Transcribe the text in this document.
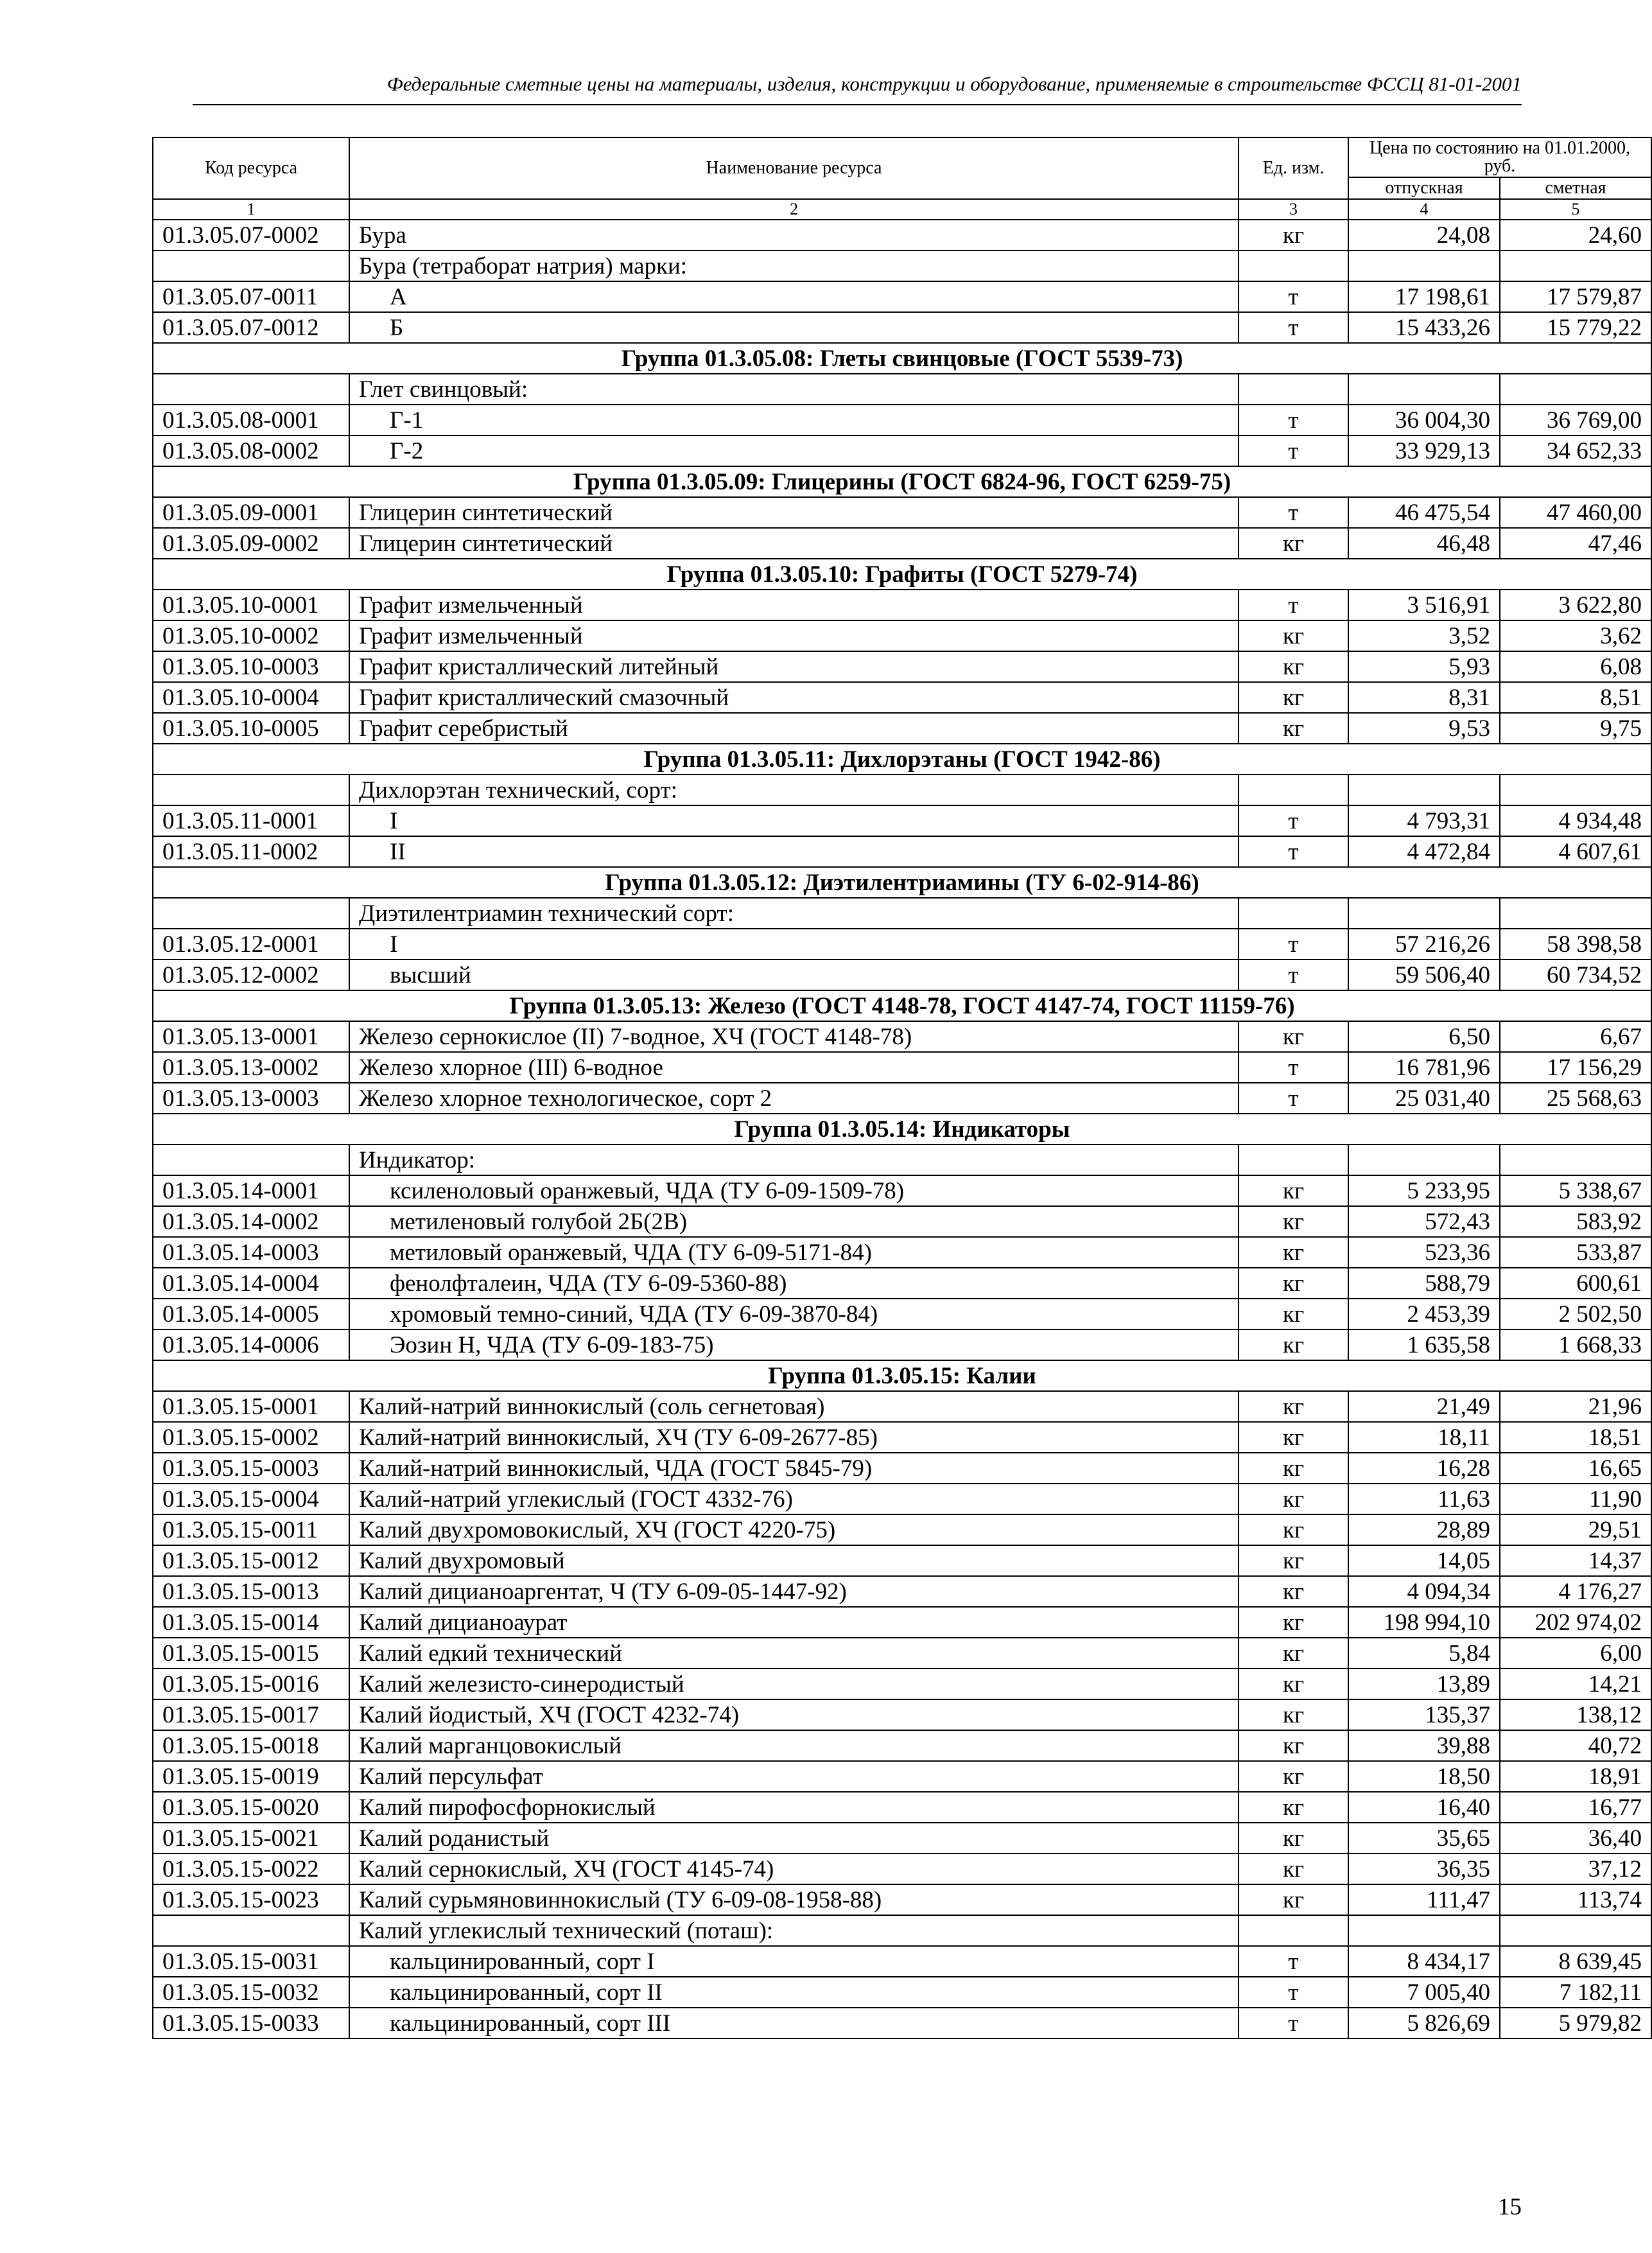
Федеральные сметные цены на материалы, изделия, конструкции и оборудование, применяемые в строительстве ФССЦ 81-01-2001
Код ресурса	Наименование ресурса	Ед. изм.	Цена по состоянию на 01.01.2000, руб.	
			отпускная	сметная
1	2	3	4	5
01.3.05.07-0002	Бура	кг	24,08	24,60
	Бура (тетраборат натрия) марки:			
01.3.05.07-0011	А	т	17 198,61	17 579,87
01.3.05.07-0012	Б	т	15 433,26	15 779,22
Группа 01.3.05.08: Глеты свинцовые (ГОСТ 5539-73)				
	Глет свинцовый:			
01.3.05.08-0001	Г-1	т	36 004,30	36 769,00
01.3.05.08-0002	Г-2	т	33 929,13	34 652,33
Группа 01.3.05.09: Глицерины (ГОСТ 6824-96, ГОСТ 6259-75)				
01.3.05.09-0001	Глицерин синтетический	т	46 475,54	47 460,00
01.3.05.09-0002	Глицерин синтетический	кг	46,48	47,46
Группа 01.3.05.10: Графиты (ГОСТ 5279-74)				
01.3.05.10-0001	Графит измельченный	т	3 516,91	3 622,80
01.3.05.10-0002	Графит измельченный	кг	3,52	3,62
01.3.05.10-0003	Графит кристаллический литейный	кг	5,93	6,08
01.3.05.10-0004	Графит кристаллический смазочный	кг	8,31	8,51
01.3.05.10-0005	Графит серебристый	кг	9,53	9,75
Группа 01.3.05.11: Дихлорэтаны (ГОСТ 1942-86)				
	Дихлорэтан технический, сорт:			
01.3.05.11-0001	I	т	4 793,31	4 934,48
01.3.05.11-0002	II	т	4 472,84	4 607,61
Группа 01.3.05.12: Диэтилентриамины (ТУ 6-02-914-86)				
	Диэтилентриамин технический сорт:			
01.3.05.12-0001	I	т	57 216,26	58 398,58
01.3.05.12-0002	высший	т	59 506,40	60 734,52
Группа 01.3.05.13: Железо (ГОСТ 4148-78, ГОСТ 4147-74, ГОСТ 11159-76)				
01.3.05.13-0001	Железо сернокислое (II) 7-водное, ХЧ (ГОСТ 4148-78)	кг	6,50	6,67
01.3.05.13-0002	Железо хлорное (III) 6-водное	т	16 781,96	17 156,29
01.3.05.13-0003	Железо хлорное технологическое, сорт 2	т	25 031,40	25 568,63
Группа 01.3.05.14: Индикаторы				
	Индикатор:			
01.3.05.14-0001	ксиленоловый оранжевый, ЧДА (ТУ 6-09-1509-78)	кг	5 233,95	5 338,67
01.3.05.14-0002	метиленовый голубой 2Б(2В)	кг	572,43	583,92
01.3.05.14-0003	метиловый оранжевый, ЧДА (ТУ 6-09-5171-84)	кг	523,36	533,87
01.3.05.14-0004	фенолфталеин, ЧДА (ТУ 6-09-5360-88)	кг	588,79	600,61
01.3.05.14-0005	хромовый темно-синий, ЧДА (ТУ 6-09-3870-84)	кг	2 453,39	2 502,50
01.3.05.14-0006	Эозин Н, ЧДА (ТУ 6-09-183-75)	кг	1 635,58	1 668,33
Группа 01.3.05.15: Калии				
01.3.05.15-0001	Калий-натрий виннокислый (соль сегнетовая)	кг	21,49	21,96
01.3.05.15-0002	Калий-натрий виннокислый, ХЧ (ТУ 6-09-2677-85)	кг	18,11	18,51
01.3.05.15-0003	Калий-натрий виннокислый, ЧДА (ГОСТ 5845-79)	кг	16,28	16,65
01.3.05.15-0004	Калий-натрий углекислый (ГОСТ 4332-76)	кг	11,63	11,90
01.3.05.15-0011	Калий двухромовокислый, ХЧ (ГОСТ 4220-75)	кг	28,89	29,51
01.3.05.15-0012	Калий двухромовый	кг	14,05	14,37
01.3.05.15-0013	Калий дицианоаргентат, Ч (ТУ 6-09-05-1447-92)	кг	4 094,34	4 176,27
01.3.05.15-0014	Калий дицианоаурат	кг	198 994,10	202 974,02
01.3.05.15-0015	Калий едкий технический	кг	5,84	6,00
01.3.05.15-0016	Калий железисто-синеродистый	кг	13,89	14,21
01.3.05.15-0017	Калий йодистый, ХЧ (ГОСТ 4232-74)	кг	135,37	138,12
01.3.05.15-0018	Калий марганцовокислый	кг	39,88	40,72
01.3.05.15-0019	Калий персульфат	кг	18,50	18,91
01.3.05.15-0020	Калий пирофосфорнокислый	кг	16,40	16,77
01.3.05.15-0021	Калий роданистый	кг	35,65	36,40
01.3.05.15-0022	Калий сернокислый, ХЧ (ГОСТ 4145-74)	кг	36,35	37,12
01.3.05.15-0023	Калий сурьмяновиннокислый (ТУ 6-09-08-1958-88)	кг	111,47	113,74
	Калий углекислый технический (поташ):			
01.3.05.15-0031	кальцинированный, сорт I	т	8 434,17	8 639,45
01.3.05.15-0032	кальцинированный, сорт II	т	7 005,40	7 182,11
01.3.05.15-0033	кальцинированный, сорт III	т	5 826,69	5 979,82
15
